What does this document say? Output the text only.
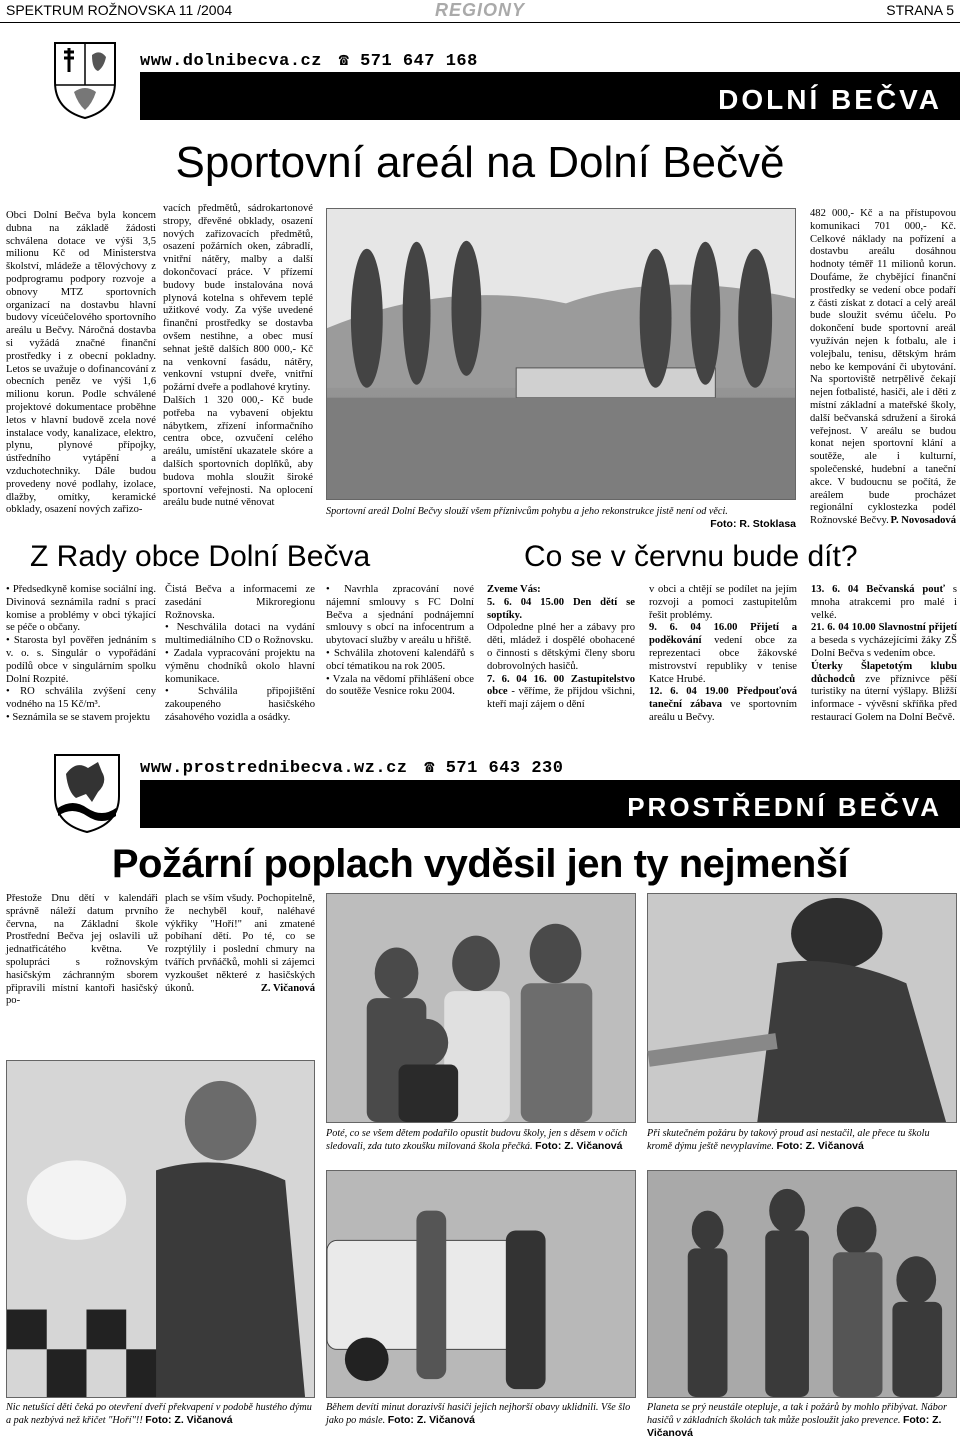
SPEKTRUM ROŽNOVSKA 11 /2004	REGIONY	STRANA 5
www.dolnibecva.cz ☎ 571 647 168
DOLNÍ BEČVA
Sportovní areál na Dolní Bečvě

Obci Dolní Bečva byla koncem dubna na základě žádosti schválena dotace ve výši 3,5 milionu Kč od Ministerstva školství, mládeže a tělovýchovy z podprogramu podpory rozvoje a obnovy MTZ sportovních organizací na dostavbu hlavní budovy víceúčelového sportovního areálu u Bečvy. Náročná dostavba si vyžádá značné finanční prostředky i z obecní pokladny. Letos se uvažuje o dofinancování z obecních peněz ve výši 1,6 milionu korun. Podle schválené projektové dokumentace proběhne letos v hlavní budově zcela nové instalace vody, kanalizace, elektro, plynu, plynové přípojky, ústředního vytápění a vzduchotechniky. Dále budou provedeny nové podlahy, izolace, dlažby, omítky, keramické obklady, osazení nových zařizo-

vacích předmětů, sádrokartonové stropy, dřevěné obklady, osazení nových zařizovacích předmětů, osazení požárních oken, zábradlí, vnitřní nátěry, malby a další dokončovací práce. V přízemí budovy bude instalována nová plynová kotelna s ohřevem teplé užitkové vody. Za výše uvedené finanční prostředky se dostavba ovšem nestihne, a obec musí sehnat ještě dalších 800 000,- Kč na venkovní fasádu, nátěry, venkovní vstupní dveře, vnitřní požární dveře a podlahové krytiny.

Dalších 1 320 000,- Kč bude potřeba na vybavení objektu nábytkem, zřízení informačního centra obce, ozvučení celého areálu, umístění ukazatele skóre a dalších sportovních doplňků, aby budova mohla sloužit široké sportovní veřejnosti. Na oplocení areálu bude nutné věnovat

Sportovní areál Dolní Bečvy slouží všem příznivcům pohybu a jeho rekonstrukce jistě není od věci.
Foto: R. Stoklasa

482 000,- Kč a na přístupovou komunikaci 701 000,- Kč. Celkové náklady na pořízení a dostavbu areálu dosáhnou hodnoty téměř 11 milionů korun. Doufáme, že chybějící finanční prostředky se vedení obce podaří z části získat z dotací a celý areál bude sloužit svému účelu. Po dokončení bude sportovní areál využíván nejen k fotbalu, ale i volejbalu, tenisu, dětským hrám nebo ke kempování či ubytování. Na sportoviště netrpělivě čekají nejen fotbalisté, hasiči, ale i děti z místní základní a mateřské školy, další bečvanská sdružení a široká veřejnost. V areálu se budou konat nejen sportovní klání a soutěže, ale i kulturní, společenské, hudební a taneční akce. V budoucnu se počítá, že areálem bude procházet regionální cyklostezka podél Rožnovské Bečvy. P. Novosadová

Z Rady obce Dolní Bečva

• Předsedkyně komise sociální ing. Divinová seznámila radní s prací komise a problémy v obci týkající se péče o občany.

• Starosta byl pověřen jednáním s v. o. s. Singulár o vypořádání podílů obce v singulárním spolku Dolní Rozpité.

• RO schválila zvýšení ceny vodného na 15 Kč/m³.

• Seznámila se se stavem projektu

Čistá Bečva a informacemi ze zasedání Mikroregionu Rožnovska.

• Neschválila dotaci na vydání multimediálního CD o Rožnovsku.

• Zadala vypracování projektu na výměnu chodníků okolo hlavní komunikace.

• Schválila připojištění zakoupeného hasičského zásahového vozidla a osádky.

• Navrhla zpracování nové nájemní smlouvy s FC Dolní Bečva a sjednání podnájemní smlouvy s obcí na infocentrum a ubytovací služby v areálu u hřiště.

• Schválila zhotovení kalendářů s obcí tématikou na rok 2005.

• Vzala na vědomí přihlášení obce do soutěže Vesnice roku 2004.

Co se v červnu bude dít?

Zveme Vás:

5. 6. 04 15.00 Den dětí se soptíky.

Odpoledne plné her a zábavy pro děti, mládež i dospělé obohacené o činnosti s dětskými členy sboru dobrovolných hasičů.

7. 6. 04 16. 00 Zastupitelstvo obce - věříme, že přijdou všichni, kteří mají zájem o dění

v obci a chtějí se podílet na jejím rozvoji a pomoci zastupitelům řešit problémy.

9. 6. 04 16.00 Přijetí a poděkování vedení obce za reprezentaci obce žákovské mistrovství republiky v tenise Katce Hrubé.

12. 6. 04 19.00 Předpouťová taneční zábava ve sportovním areálu u Bečvy.

13. 6. 04 Bečvanská pouť s mnoha atrakcemi pro malé i velké.

21. 6. 04 10.00 Slavnostní přijetí a beseda s vycházejícími žáky ZŠ Dolní Bečva s vedením obce.

Úterky Šlapetotým klubu důchodců zve příznivce pěší turistiky na úterní výšlapy. Bližší informace - vývěsní skříňka před restaurací Golem na Dolní Bečvě.

www.prostrednibecva.wz.cz ☎ 571 643 230
PROSTŘEDNÍ BEČVA
Požární poplach vyděsil jen ty nejmenší

Přestože Dnu dětí v kalendáři správně náleží datum prvního června, na Základní škole Prostřední Bečva jej oslavili už jednatřicátého května. Ve spolupráci s rožnovským hasičským záchranným sborem připravili místní kantoři hasičský po-

plach se vším všudy. Pochopitelně, že nechyběl kouř, naléhavé výkřiky "Hoří!" ani zmatené pobíhaní dětí. Po té, co se rozptýlily i poslední chmury na tvářích prvňáčků, mohli si zájemci vyzkoušet některé z hasičských úkonů.	Z. Vičanová

Poté, co se všem dětem podařilo opustit budovu školy, jen s děsem v očích sledovali, zda tuto zkoušku milovaná škola přečká. Foto: Z. Vičanová
Při skutečném požáru by takový proud asi nestačil, ale přece tu školu kromě dýmu ještě nevyplavíme. Foto: Z. Vičanová
Nic netušící děti čeká po otevření dveří překvapení v podobě hustého dýmu a pak nezbývá než křičet "Hoří"!! Foto: Z. Vičanová
Během devíti minut dorazivší hasiči jejich nejhorší obavy uklidnili. Vše šlo jako po másle. Foto: Z. Vičanová
Planeta se prý neustále otepluje, a tak i požárů by mohlo přibývat. Nábor hasičů v základních školách tak může posloužit jako prevence. Foto: Z. Vičanová
